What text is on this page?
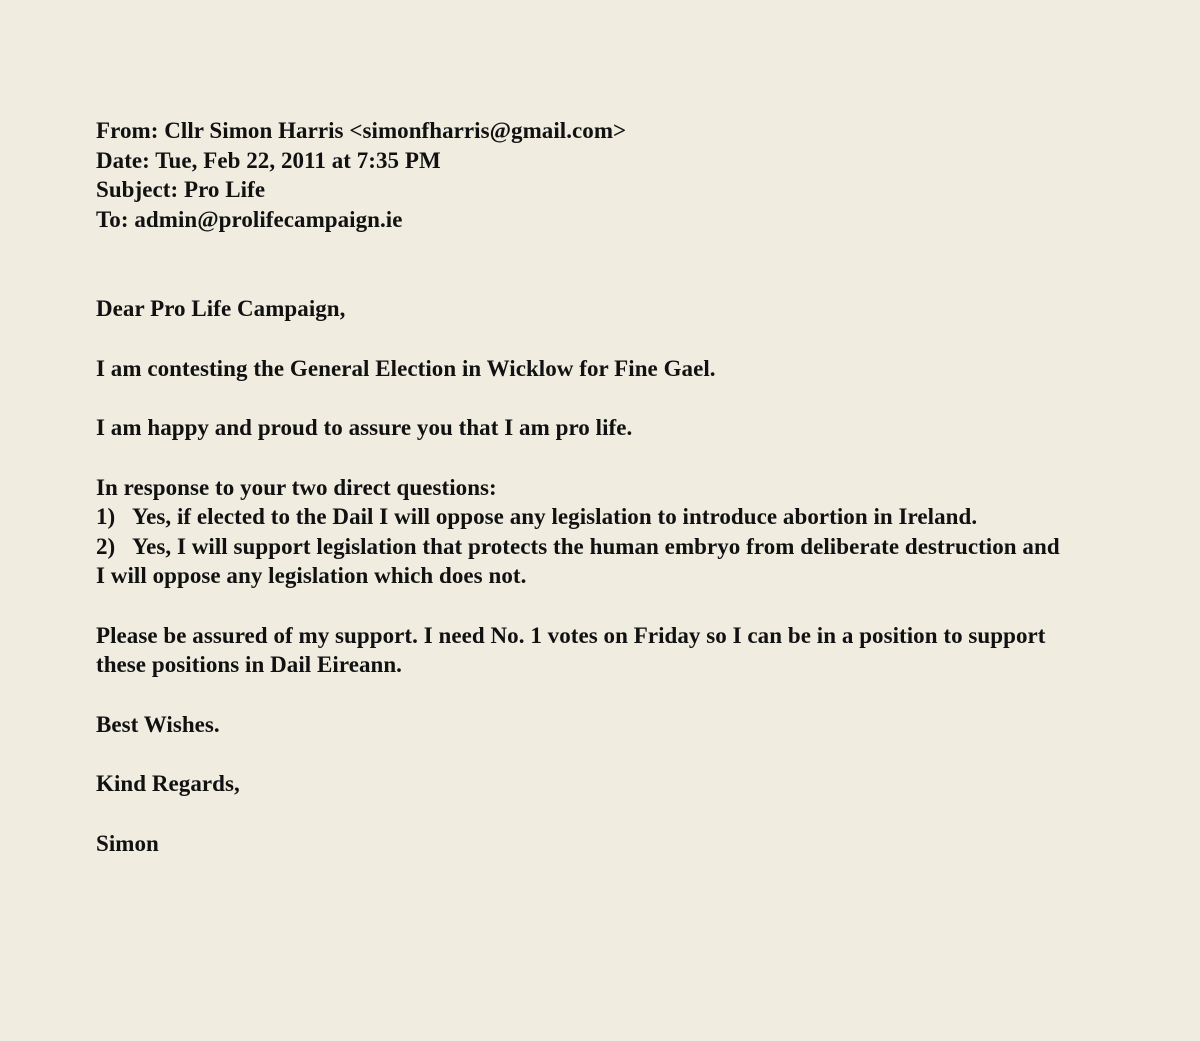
From: Cllr Simon Harris <simonfharris@gmail.com>
Date: Tue, Feb 22, 2011 at 7:35 PM
Subject: Pro Life
To: admin@prolifecampaign.ie

Dear Pro Life Campaign,

I am contesting the General Election in Wicklow for Fine Gael.

I am happy and proud to assure you that I am pro life.

In response to your two direct questions:

1) Yes, if elected to the Dail I will oppose any legislation to introduce abortion in Ireland.
2) Yes, I will support legislation that protects the human embryo from deliberate destruction and
I will oppose any legislation which does not.
Please be assured of my support. I need No. 1 votes on Friday so I can be in a position to support
these positions in Dail Eireann.

Best Wishes.

Kind Regards,

Simon
